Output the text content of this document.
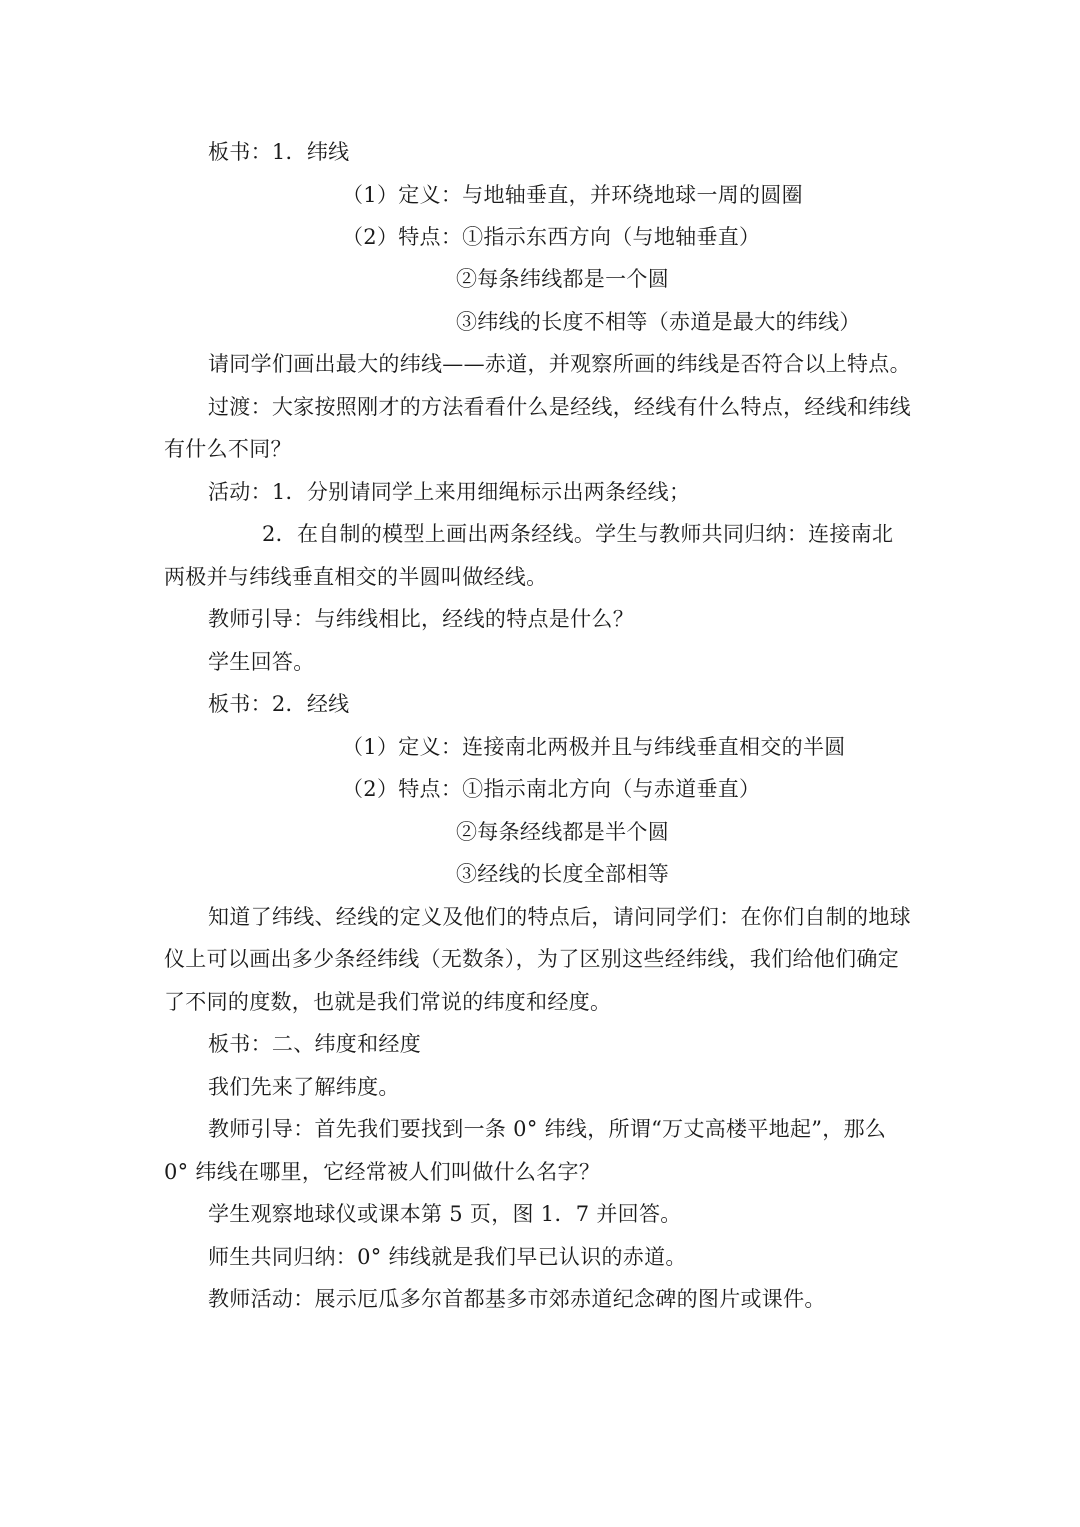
板书：1．纬线
（1）定义：与地轴垂直，并环绕地球一周的圆圈
（2）特点：①指示东西方向（与地轴垂直）
②每条纬线都是一个圆
③纬线的长度不相等（赤道是最大的纬线）
请同学们画出最大的纬线——赤道，并观察所画的纬线是否符合以上特点。
过渡：大家按照刚才的方法看看什么是经线，经线有什么特点，经线和纬线
有什么不同？
活动：1．分别请同学上来用细绳标示出两条经线；
2．在自制的模型上画出两条经线。学生与教师共同归纳：连接南北
两极并与纬线垂直相交的半圆叫做经线。
教师引导：与纬线相比，经线的特点是什么？
学生回答。
板书：2．经线
（1）定义：连接南北两极并且与纬线垂直相交的半圆
（2）特点：①指示南北方向（与赤道垂直）
②每条经线都是半个圆
③经线的长度全部相等
知道了纬线、经线的定义及他们的特点后，请问同学们：在你们自制的地球
仪上可以画出多少条经纬线（无数条），为了区别这些经纬线，我们给他们确定
了不同的度数，也就是我们常说的纬度和经度。
板书：二、纬度和经度
我们先来了解纬度。
教师引导：首先我们要找到一条 0° 纬线，所谓“万丈高楼平地起”，那么
0° 纬线在哪里，它经常被人们叫做什么名字？
学生观察地球仪或课本第 5 页，图 1．7 并回答。
师生共同归纳：0° 纬线就是我们早已认识的赤道。
教师活动：展示厄瓜多尔首都基多市郊赤道纪念碑的图片或课件。
